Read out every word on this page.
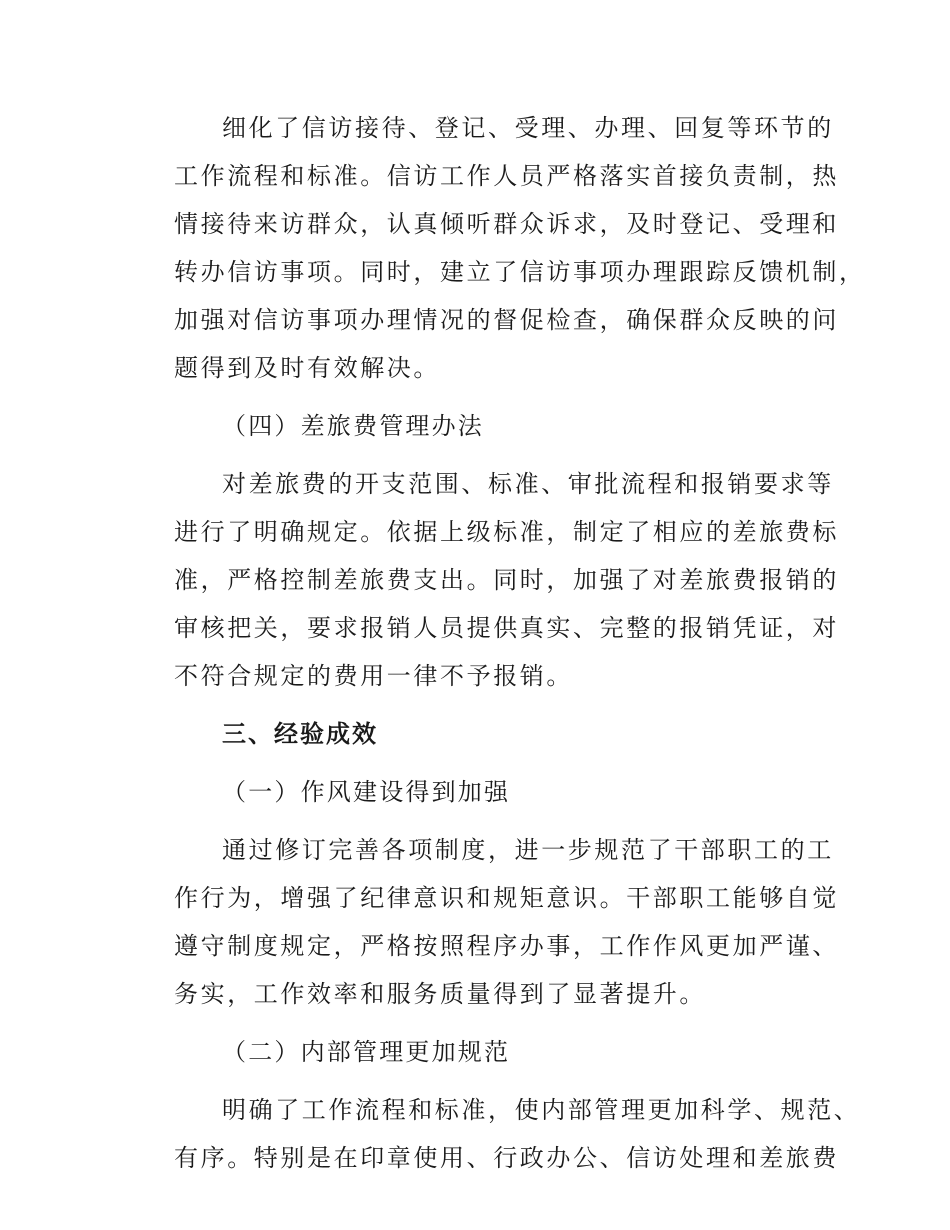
细化了信访接待、登记、受理、办理、回复等环节的
工作流程和标准。信访工作人员严格落实首接负责制，热
情接待来访群众，认真倾听群众诉求，及时登记、受理和
转办信访事项。同时，建立了信访事项办理跟踪反馈机制，
加强对信访事项办理情况的督促检查，确保群众反映的问
题得到及时有效解决。
（四）差旅费管理办法
对差旅费的开支范围、标准、审批流程和报销要求等
进行了明确规定。依据上级标准，制定了相应的差旅费标
准，严格控制差旅费支出。同时，加强了对差旅费报销的
审核把关，要求报销人员提供真实、完整的报销凭证，对
不符合规定的费用一律不予报销。
三、经验成效
（一）作风建设得到加强
通过修订完善各项制度，进一步规范了干部职工的工
作行为，增强了纪律意识和规矩意识。干部职工能够自觉
遵守制度规定，严格按照程序办事，工作作风更加严谨、
务实，工作效率和服务质量得到了显著提升。
（二）内部管理更加规范
明确了工作流程和标准，使内部管理更加科学、规范、
有序。特别是在印章使用、行政办公、信访处理和差旅费
